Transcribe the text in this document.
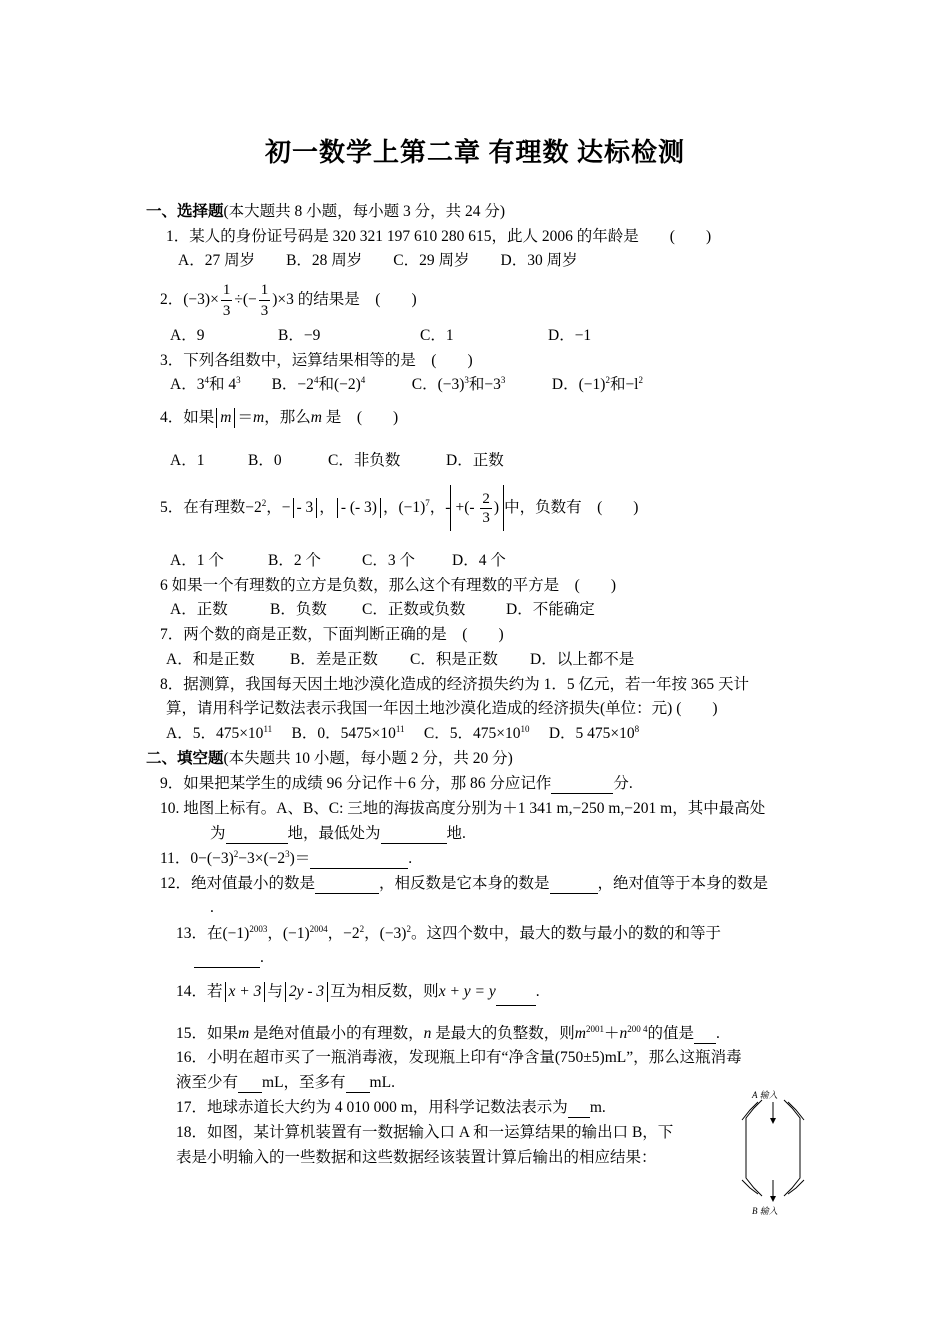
初一数学上第二章 有理数 达标检测
一、选择题(本大题共 8 小题，每小题 3 分，共 24 分)
1．某人的身份证号码是 320 321 197 610 280 615，此人 2006 的年龄是　　 (　　)
A．27 周岁　　B．28 周岁　　C．29 周岁　　D．30 周岁
2．$(-3)\times \frac{1}{3}$ ÷(− $\frac{1}{3} )\times 3$ 的结果是　 (　　)
A．9	B．−9	C．1	D．−1
3．下列各组数中，运算结果相等的是　 (　　)
A．$3^4$和 $4^3$　　B．$-2^4$和$(-2)^4$　　　C．$(-3)^3$和$-3^3$　　　D．$(-1)^2$和$-l^2$
4．如果 m ＝m，那么m 是　 (　　)
A．1	B．0	C．非负数	D．正数
5．在有理数$-2^2$，− - 3 ， - (- 3) ，$(-1)^7$，- +(- $\frac{2}{3}$ ) 中，负数有　 (　　)
A．1 个	B．2 个	C．3 个 D．4 个
6 如果一个有理数的立方是负数，那么这个有理数的平方是　 (　　)
A．正数	B．负数 C．正数或负数	D．不能确定
7．两个数的商是正数，下面判断正确的是　 (　　)
A．和是正数 B．差是正数 C．积是正数 D．以上都不是
8．据测算，我国每天因土地沙漠化造成的经济损失约为 1．5 亿元，若一年按 365 天计
算，请用科学记数法表示我国一年因土地沙漠化造成的经济损失(单位：元) (　　)
A．5．$475\times 10^{11}$　 B．0．$5475\times 10^{11}$　 C．5．$475\times 10^{10}$　 D．5 $475\times 10^8$
二、填空题(本失题共 10 小题，每小题 2 分，共 20 分)
9．如果把某学生的成绩 96 分记作＋6 分，那 86 分应记作	分.
10. 地图上标有。A、B、C: 三地的海拔高度分别为＋1 341 m,−250 m,−201 m，其中最高处
为	地，最低处为	地.
11．$0-(-3)^2-3\times(-2^3)=$	.
12．绝对值最小的数是	，相反数是它本身的数是	，绝对值等于本身的数是
.
13．在$(-1)^{2003}$，$(-1)^{2004}$，$-2^2$，$(-3)^2$。这四个数中，最大的数与最小的数的和等于
.
14．若 x + 3 与 2y - 3 互为相反数，则x + y = y	.
15．如果m 是绝对值最小的有理数，n 是最大的负整数，则$m^{2001}+n^{200 4}$的值是 .
16．小明在超市买了一瓶消毒液，发现瓶上印有“净含量(750±5)mL”，那么这瓶消毒
液至少有 mL，至多有 mL.
17．地球赤道长大约为 4 010 000 m，用科学记数法表示为 m.
18．如图，某计算机装置有一数据输入口 A 和一运算结果的输出口 B，下
表是小明输入的一些数据和这些数据经该装置计算后输出的相应结果：
A 输入
B 输入
